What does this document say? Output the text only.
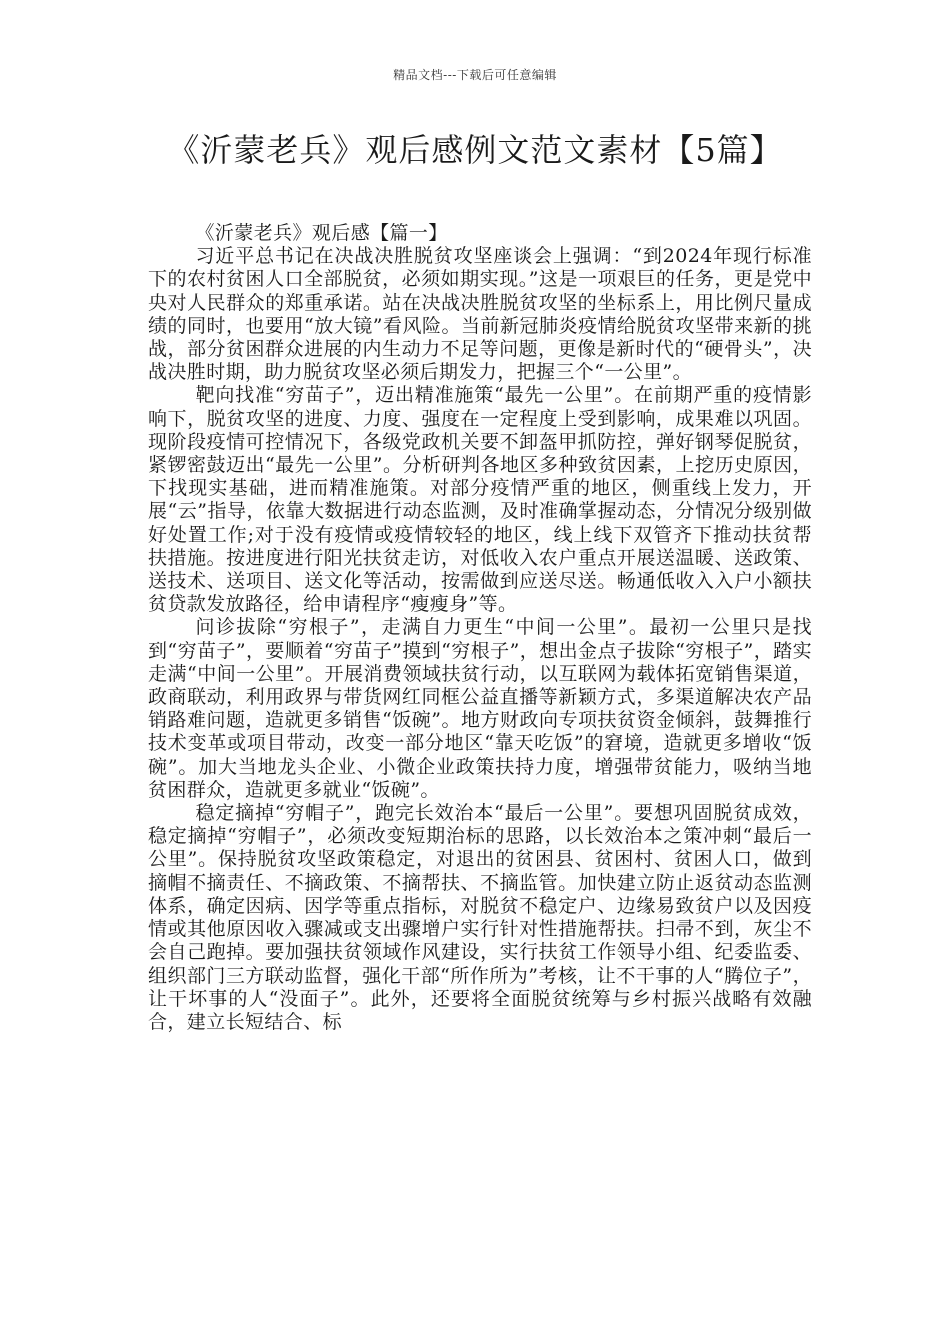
精品文档---下载后可任意编辑
《沂蒙老兵》观后感例文范文素材【5篇】

《沂蒙老兵》观后感【篇一】

习近平总书记在决战决胜脱贫攻坚座谈会上强调：“到2024年现行标准下的农村贫困人口全部脱贫，必须如期实现。”这是一项艰巨的任务，更是党中央对人民群众的郑重承诺。站在决战决胜脱贫攻坚的坐标系上，用比例尺量成绩的同时，也要用“放大镜”看风险。当前新冠肺炎疫情给脱贫攻坚带来新的挑战，部分贫困群众进展的内生动力不足等问题，更像是新时代的“硬骨头”，决战决胜时期，助力脱贫攻坚必须后期发力，把握三个“一公里”。

靶向找准“穷苗子”，迈出精准施策“最先一公里”。在前期严重的疫情影响下，脱贫攻坚的进度、力度、强度在一定程度上受到影响，成果难以巩固。现阶段疫情可控情况下，各级党政机关要不卸盔甲抓防控，弹好钢琴促脱贫，紧锣密鼓迈出“最先一公里”。分析研判各地区多种致贫因素，上挖历史原因，下找现实基础，进而精准施策。对部分疫情严重的地区，侧重线上发力，开展“云”指导，依靠大数据进行动态监测，及时准确掌握动态，分情况分级别做好处置工作;对于没有疫情或疫情较轻的地区，线上线下双管齐下推动扶贫帮扶措施。按进度进行阳光扶贫走访，对低收入农户重点开展送温暖、送政策、送技术、送项目、送文化等活动，按需做到应送尽送。畅通低收入入户小额扶贫贷款发放路径，给申请程序“瘦瘦身”等。

问诊拔除“穷根子”，走满自力更生“中间一公里”。最初一公里只是找到“穷苗子”，要顺着“穷苗子”摸到“穷根子”，想出金点子拔除“穷根子”，踏实走满“中间一公里”。开展消费领域扶贫行动，以互联网为载体拓宽销售渠道，政商联动，利用政界与带货网红同框公益直播等新颖方式，多渠道解决农产品销路难问题，造就更多销售“饭碗”。地方财政向专项扶贫资金倾斜，鼓舞推行技术变革或项目带动，改变一部分地区“靠天吃饭”的窘境，造就更多增收“饭碗”。加大当地龙头企业、小微企业政策扶持力度，增强带贫能力，吸纳当地贫困群众，造就更多就业“饭碗”。

稳定摘掉“穷帽子”，跑完长效治本“最后一公里”。要想巩固脱贫成效，稳定摘掉“穷帽子”，必须改变短期治标的思路，以长效治本之策冲刺“最后一公里”。保持脱贫攻坚政策稳定，对退出的贫困县、贫困村、贫困人口，做到摘帽不摘责任、不摘政策、不摘帮扶、不摘监管。加快建立防止返贫动态监测体系，确定因病、因学等重点指标，对脱贫不稳定户、边缘易致贫户以及因疫情或其他原因收入骤减或支出骤增户实行针对性措施帮扶。扫帚不到，灰尘不会自己跑掉。要加强扶贫领域作风建设，实行扶贫工作领导小组、纪委监委、组织部门三方联动监督，强化干部“所作所为”考核，让不干事的人“腾位子”，让干坏事的人“没面子”。此外，还要将全面脱贫统筹与乡村振兴战略有效融合，建立长短结合、标
